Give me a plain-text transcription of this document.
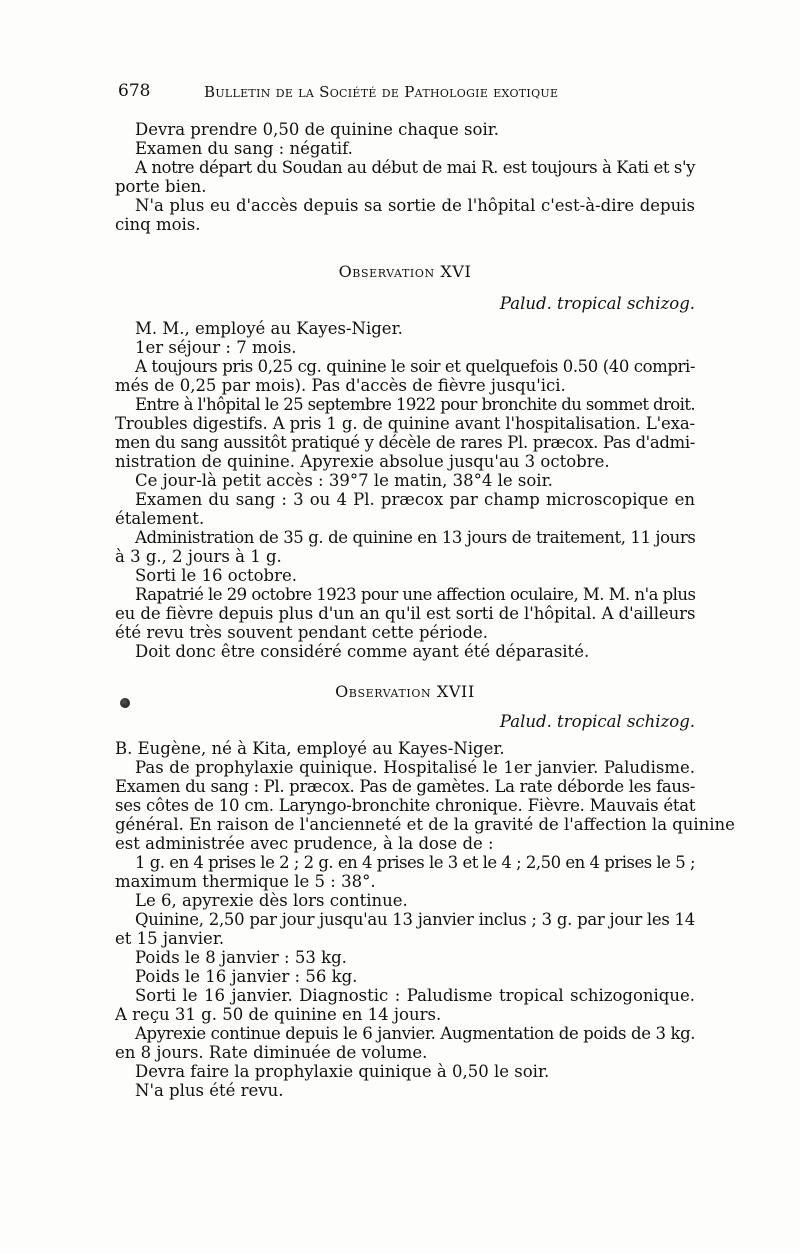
678	Bulletin de la Société de Pathologie exotique
Devra prendre 0,50 de quinine chaque soir.
Examen du sang : négatif.
A notre départ du Soudan au début de mai R. est toujours à Kati et s'y
porte bien.
N'a plus eu d'accès depuis sa sortie de l'hôpital c'est-à-dire depuis
cinq mois.
Observation XVI
Palud. tropical schizog.
M. M., employé au Kayes-Niger.
1er séjour : 7 mois.
A toujours pris 0,25 cg. quinine le soir et quelquefois 0.50 (40 compri-
més de 0,25 par mois). Pas d'accès de fièvre jusqu'ici.
Entre à l'hôpital le 25 septembre 1922 pour bronchite du sommet droit.
Troubles digestifs. A pris 1 g. de quinine avant l'hospitalisation. L'exa-
men du sang aussitôt pratiqué y décèle de rares Pl. præcox. Pas d'admi-
nistration de quinine. Apyrexie absolue jusqu'au 3 octobre.
Ce jour-là petit accès : 39°7 le matin, 38°4 le soir.
Examen du sang : 3 ou 4 Pl. præcox par champ microscopique en
étalement.
Administration de 35 g. de quinine en 13 jours de traitement, 11 jours
à 3 g., 2 jours à 1 g.
Sorti le 16 octobre.
Rapatrié le 29 octobre 1923 pour une affection oculaire, M. M. n'a plus
eu de fièvre depuis plus d'un an qu'il est sorti de l'hôpital. A d'ailleurs
été revu très souvent pendant cette période.
Doit donc être considéré comme ayant été déparasité.
Observation XVII
Palud. tropical schizog.
B. Eugène, né à Kita, employé au Kayes-Niger.
Pas de prophylaxie quinique. Hospitalisé le 1er janvier. Paludisme.
Examen du sang : Pl. præcox. Pas de gamètes. La rate déborde les faus-
ses côtes de 10 cm. Laryngo-bronchite chronique. Fièvre. Mauvais état
général. En raison de l'ancienneté et de la gravité de l'affection la quinine
est administrée avec prudence, à la dose de :
1 g. en 4 prises le 2 ; 2 g. en 4 prises le 3 et le 4 ; 2,50 en 4 prises le 5 ;
maximum thermique le 5 : 38°.
Le 6, apyrexie dès lors continue.
Quinine, 2,50 par jour jusqu'au 13 janvier inclus ; 3 g. par jour les 14
et 15 janvier.
Poids le 8 janvier : 53 kg.
Poids le 16 janvier : 56 kg.
Sorti le 16 janvier. Diagnostic : Paludisme tropical schizogonique.
A reçu 31 g. 50 de quinine en 14 jours.
Apyrexie continue depuis le 6 janvier. Augmentation de poids de 3 kg.
en 8 jours. Rate diminuée de volume.
Devra faire la prophylaxie quinique à 0,50 le soir.
N'a plus été revu.
